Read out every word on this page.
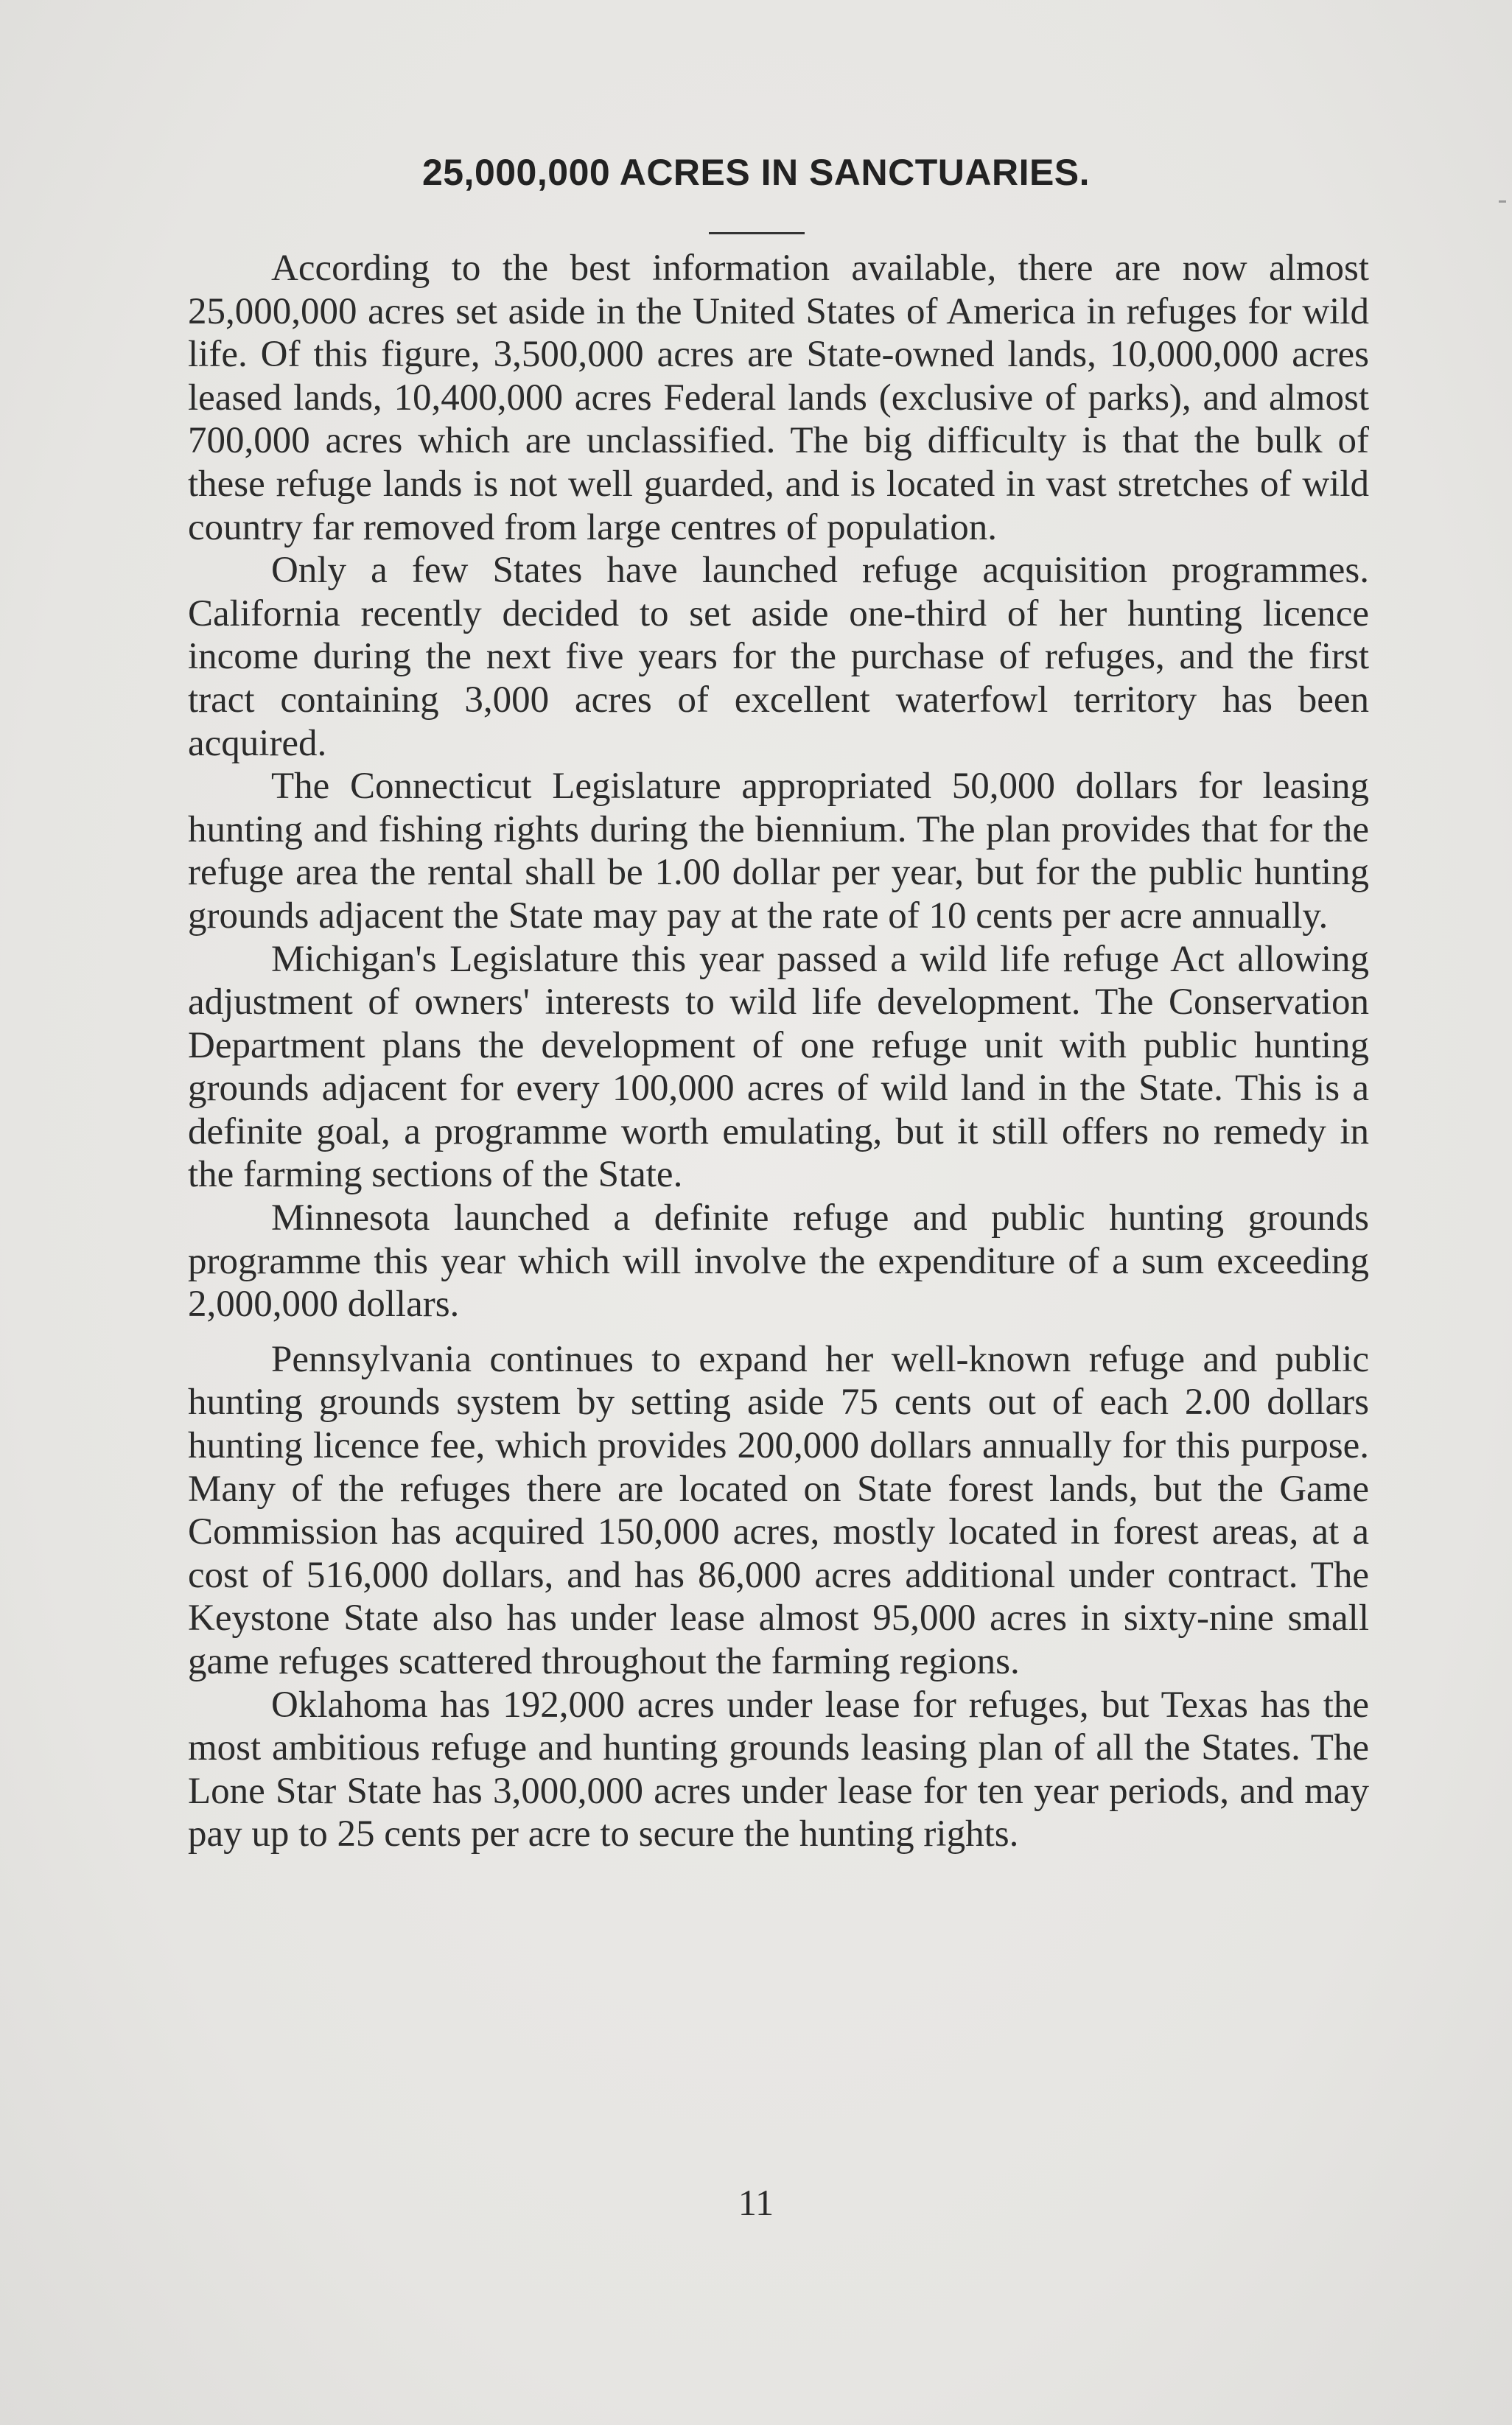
25,000,000 ACRES IN SANCTUARIES.

According to the best information available, there are now almost 25,000,000 acres set aside in the United States of America in refuges for wild life. Of this figure, 3,500,000 acres are State-owned lands, 10,000,000 acres leased lands, 10,400,000 acres Federal lands (exclusive of parks), and almost 700,000 acres which are unclassified. The big difficulty is that the bulk of these refuge lands is not well guarded, and is located in vast stretches of wild country far removed from large centres of population.

Only a few States have launched refuge acquisition programmes. California recently decided to set aside one-third of her hunting licence income during the next five years for the purchase of refuges, and the first tract containing 3,000 acres of excellent waterfowl territory has been acquired.

The Connecticut Legislature appropriated 50,000 dollars for leasing hunting and fishing rights during the biennium. The plan provides that for the refuge area the rental shall be 1.00 dollar per year, but for the public hunting grounds adjacent the State may pay at the rate of 10 cents per acre annually.

Michigan's Legislature this year passed a wild life refuge Act allowing adjustment of owners' interests to wild life development. The Conservation Department plans the development of one refuge unit with public hunting grounds adjacent for every 100,000 acres of wild land in the State. This is a definite goal, a programme worth emulating, but it still offers no remedy in the farming sections of the State.

Minnesota launched a definite refuge and public hunting grounds programme this year which will involve the expenditure of a sum exceeding 2,000,000 dollars.

Pennsylvania continues to expand her well-known refuge and public hunting grounds system by setting aside 75 cents out of each 2.00 dollars hunting licence fee, which provides 200,000 dollars annually for this purpose. Many of the refuges there are located on State forest lands, but the Game Commission has acquired 150,000 acres, mostly located in forest areas, at a cost of 516,000 dollars, and has 86,000 acres additional under contract. The Keystone State also has under lease almost 95,000 acres in sixty-nine small game refuges scattered throughout the farming regions.

Oklahoma has 192,000 acres under lease for refuges, but Texas has the most ambitious refuge and hunting grounds leasing plan of all the States. The Lone Star State has 3,000,000 acres under lease for ten year periods, and may pay up to 25 cents per acre to secure the hunting rights.

11
